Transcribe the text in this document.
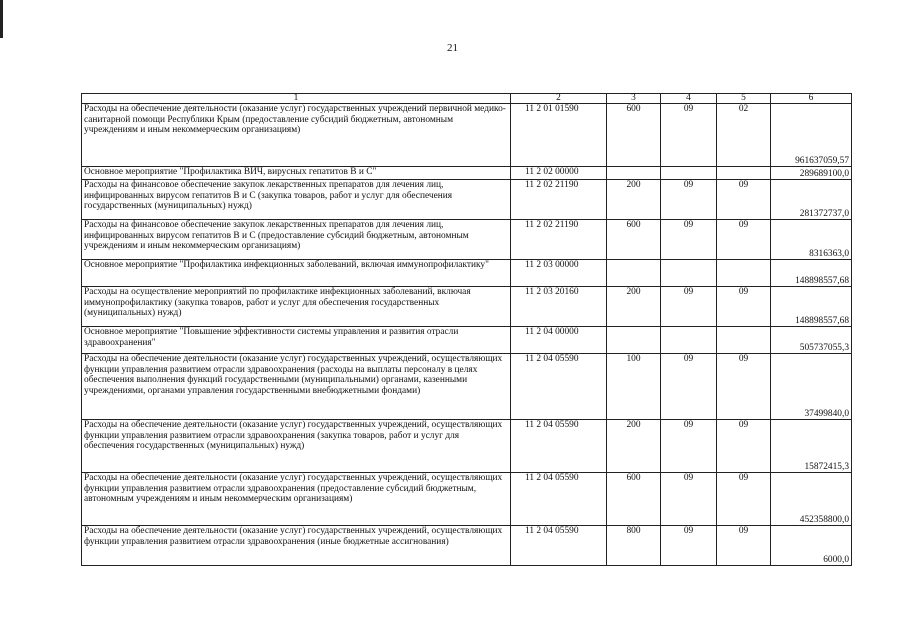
21
1	2	3	4	5	6
Расходы на обеспечение деятельности (оказание услуг) государственных учреждений первичной медико-санитарной помощи Республики Крым (предоставление субсидий бюджетным, автономным учреждениям и иным некоммерческим организациям)	11 2 01 01590	600	09	02	961637059,57
Основное мероприятие "Профилактика ВИЧ, вирусных гепатитов В и С"	11 2 02 00000				289689100,0
Расходы на финансовое обеспечение закупок лекарственных препаратов для лечения лиц, инфицированных вирусом гепатитов В и С (закупка товаров, работ и услуг для обеспечения государственных (муниципальных) нужд)	11 2 02 21190	200	09	09	281372737,0
Расходы на финансовое обеспечение закупок лекарственных препаратов для лечения лиц, инфицированных вирусом гепатитов В и С (предоставление субсидий бюджетным, автономным учреждениям и иным некоммерческим организациям)	11 2 02 21190	600	09	09	8316363,0
Основное мероприятие "Профилактика инфекционных заболеваний, включая иммунопрофилактику"	11 2 03 00000				148898557,68
Расходы на осуществление мероприятий по профилактике инфекционных заболеваний, включая иммунопрофилактику (закупка товаров, работ и услуг для обеспечения государственных (муниципальных) нужд)	11 2 03 20160	200	09	09	148898557,68
Основное мероприятие "Повышение эффективности системы управления и развития отрасли здравоохранения"	11 2 04 00000				505737055,3
Расходы на обеспечение деятельности (оказание услуг) государственных учреждений, осуществляющих функции управления развитием отрасли здравоохранения (расходы на выплаты персоналу в целях обеспечения выполнения функций государственными (муниципальными) органами, казенными учреждениями, органами управления государственными внебюджетными фондами)	11 2 04 05590	100	09	09	37499840,0
Расходы на обеспечение деятельности (оказание услуг) государственных учреждений, осуществляющих функции управления развитием отрасли здравоохранения (закупка товаров, работ и услуг для обеспечения государственных (муниципальных) нужд)	11 2 04 05590	200	09	09	15872415,3
Расходы на обеспечение деятельности (оказание услуг) государственных учреждений, осуществляющих функции управления развитием отрасли здравоохранения (предоставление субсидий бюджетным, автономным учреждениям и иным некоммерческим организациям)	11 2 04 05590	600	09	09	452358800,0
Расходы на обеспечение деятельности (оказание услуг) государственных учреждений, осуществляющих функции управления развитием отрасли здравоохранения (иные бюджетные ассигнования)	11 2 04 05590	800	09	09	6000,0
